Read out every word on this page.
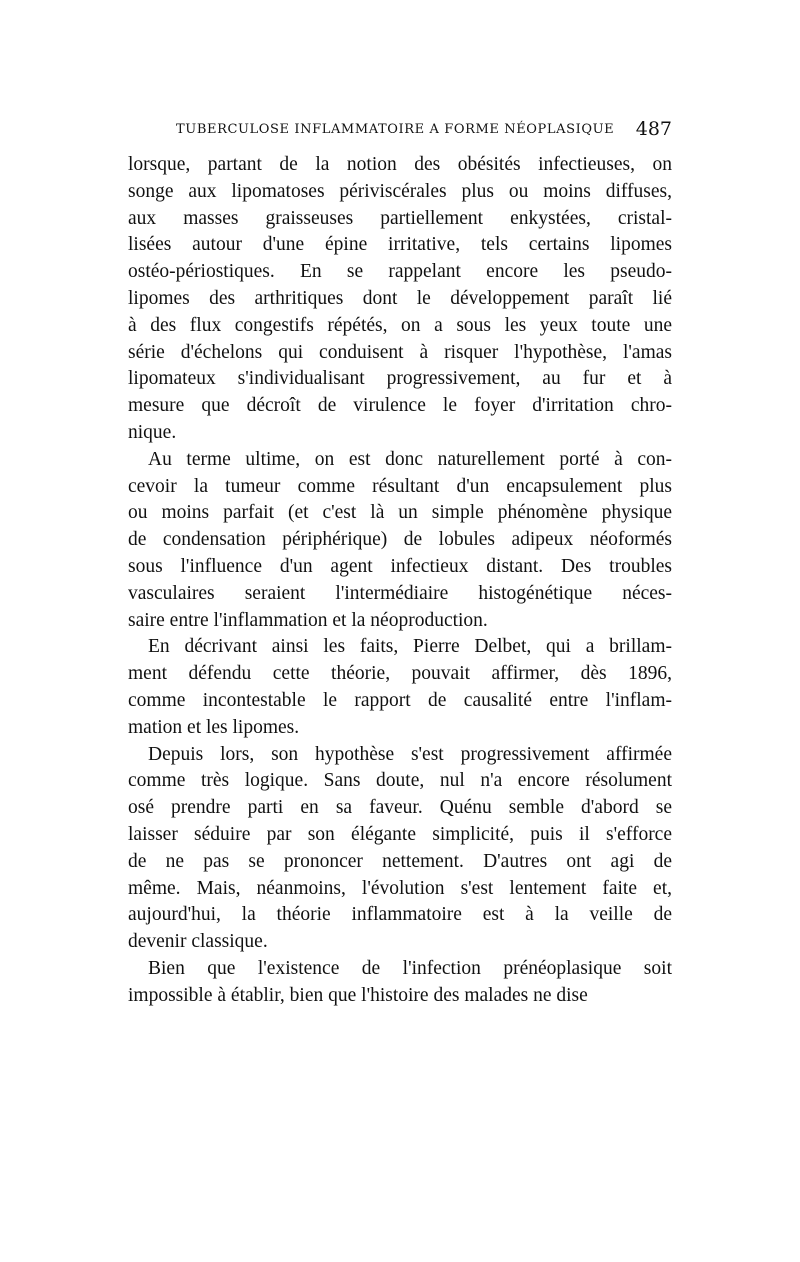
TUBERCULOSE INFLAMMATOIRE A FORME NÉOPLASIQUE 487
lorsque, partant de la notion des obésités infectieuses, on
songe aux lipomatoses périviscérales plus ou moins diffuses,
aux masses graisseuses partiellement enkystées, cristal-
lisées autour d'une épine irritative, tels certains lipomes
ostéo-périostiques. En se rappelant encore les pseudo-
lipomes des arthritiques dont le développement paraît lié
à des flux congestifs répétés, on a sous les yeux toute une
série d'échelons qui conduisent à risquer l'hypothèse, l'amas
lipomateux s'individualisant progressivement, au fur et à
mesure que décroît de virulence le foyer d'irritation chro-
nique.
Au terme ultime, on est donc naturellement porté à con-
cevoir la tumeur comme résultant d'un encapsulement plus
ou moins parfait (et c'est là un simple phénomène physique
de condensation périphérique) de lobules adipeux néoformés
sous l'influence d'un agent infectieux distant. Des troubles
vasculaires seraient l'intermédiaire histogénétique néces-
saire entre l'inflammation et la néoproduction.
En décrivant ainsi les faits, Pierre Delbet, qui a brillam-
ment défendu cette théorie, pouvait affirmer, dès 1896,
comme incontestable le rapport de causalité entre l'inflam-
mation et les lipomes.
Depuis lors, son hypothèse s'est progressivement affirmée
comme très logique. Sans doute, nul n'a encore résolument
osé prendre parti en sa faveur. Quénu semble d'abord se
laisser séduire par son élégante simplicité, puis il s'efforce
de ne pas se prononcer nettement. D'autres ont agi de
même. Mais, néanmoins, l'évolution s'est lentement faite et,
aujourd'hui, la théorie inflammatoire est à la veille de
devenir classique.
Bien que l'existence de l'infection prénéoplasique soit
impossible à établir, bien que l'histoire des malades ne dise
